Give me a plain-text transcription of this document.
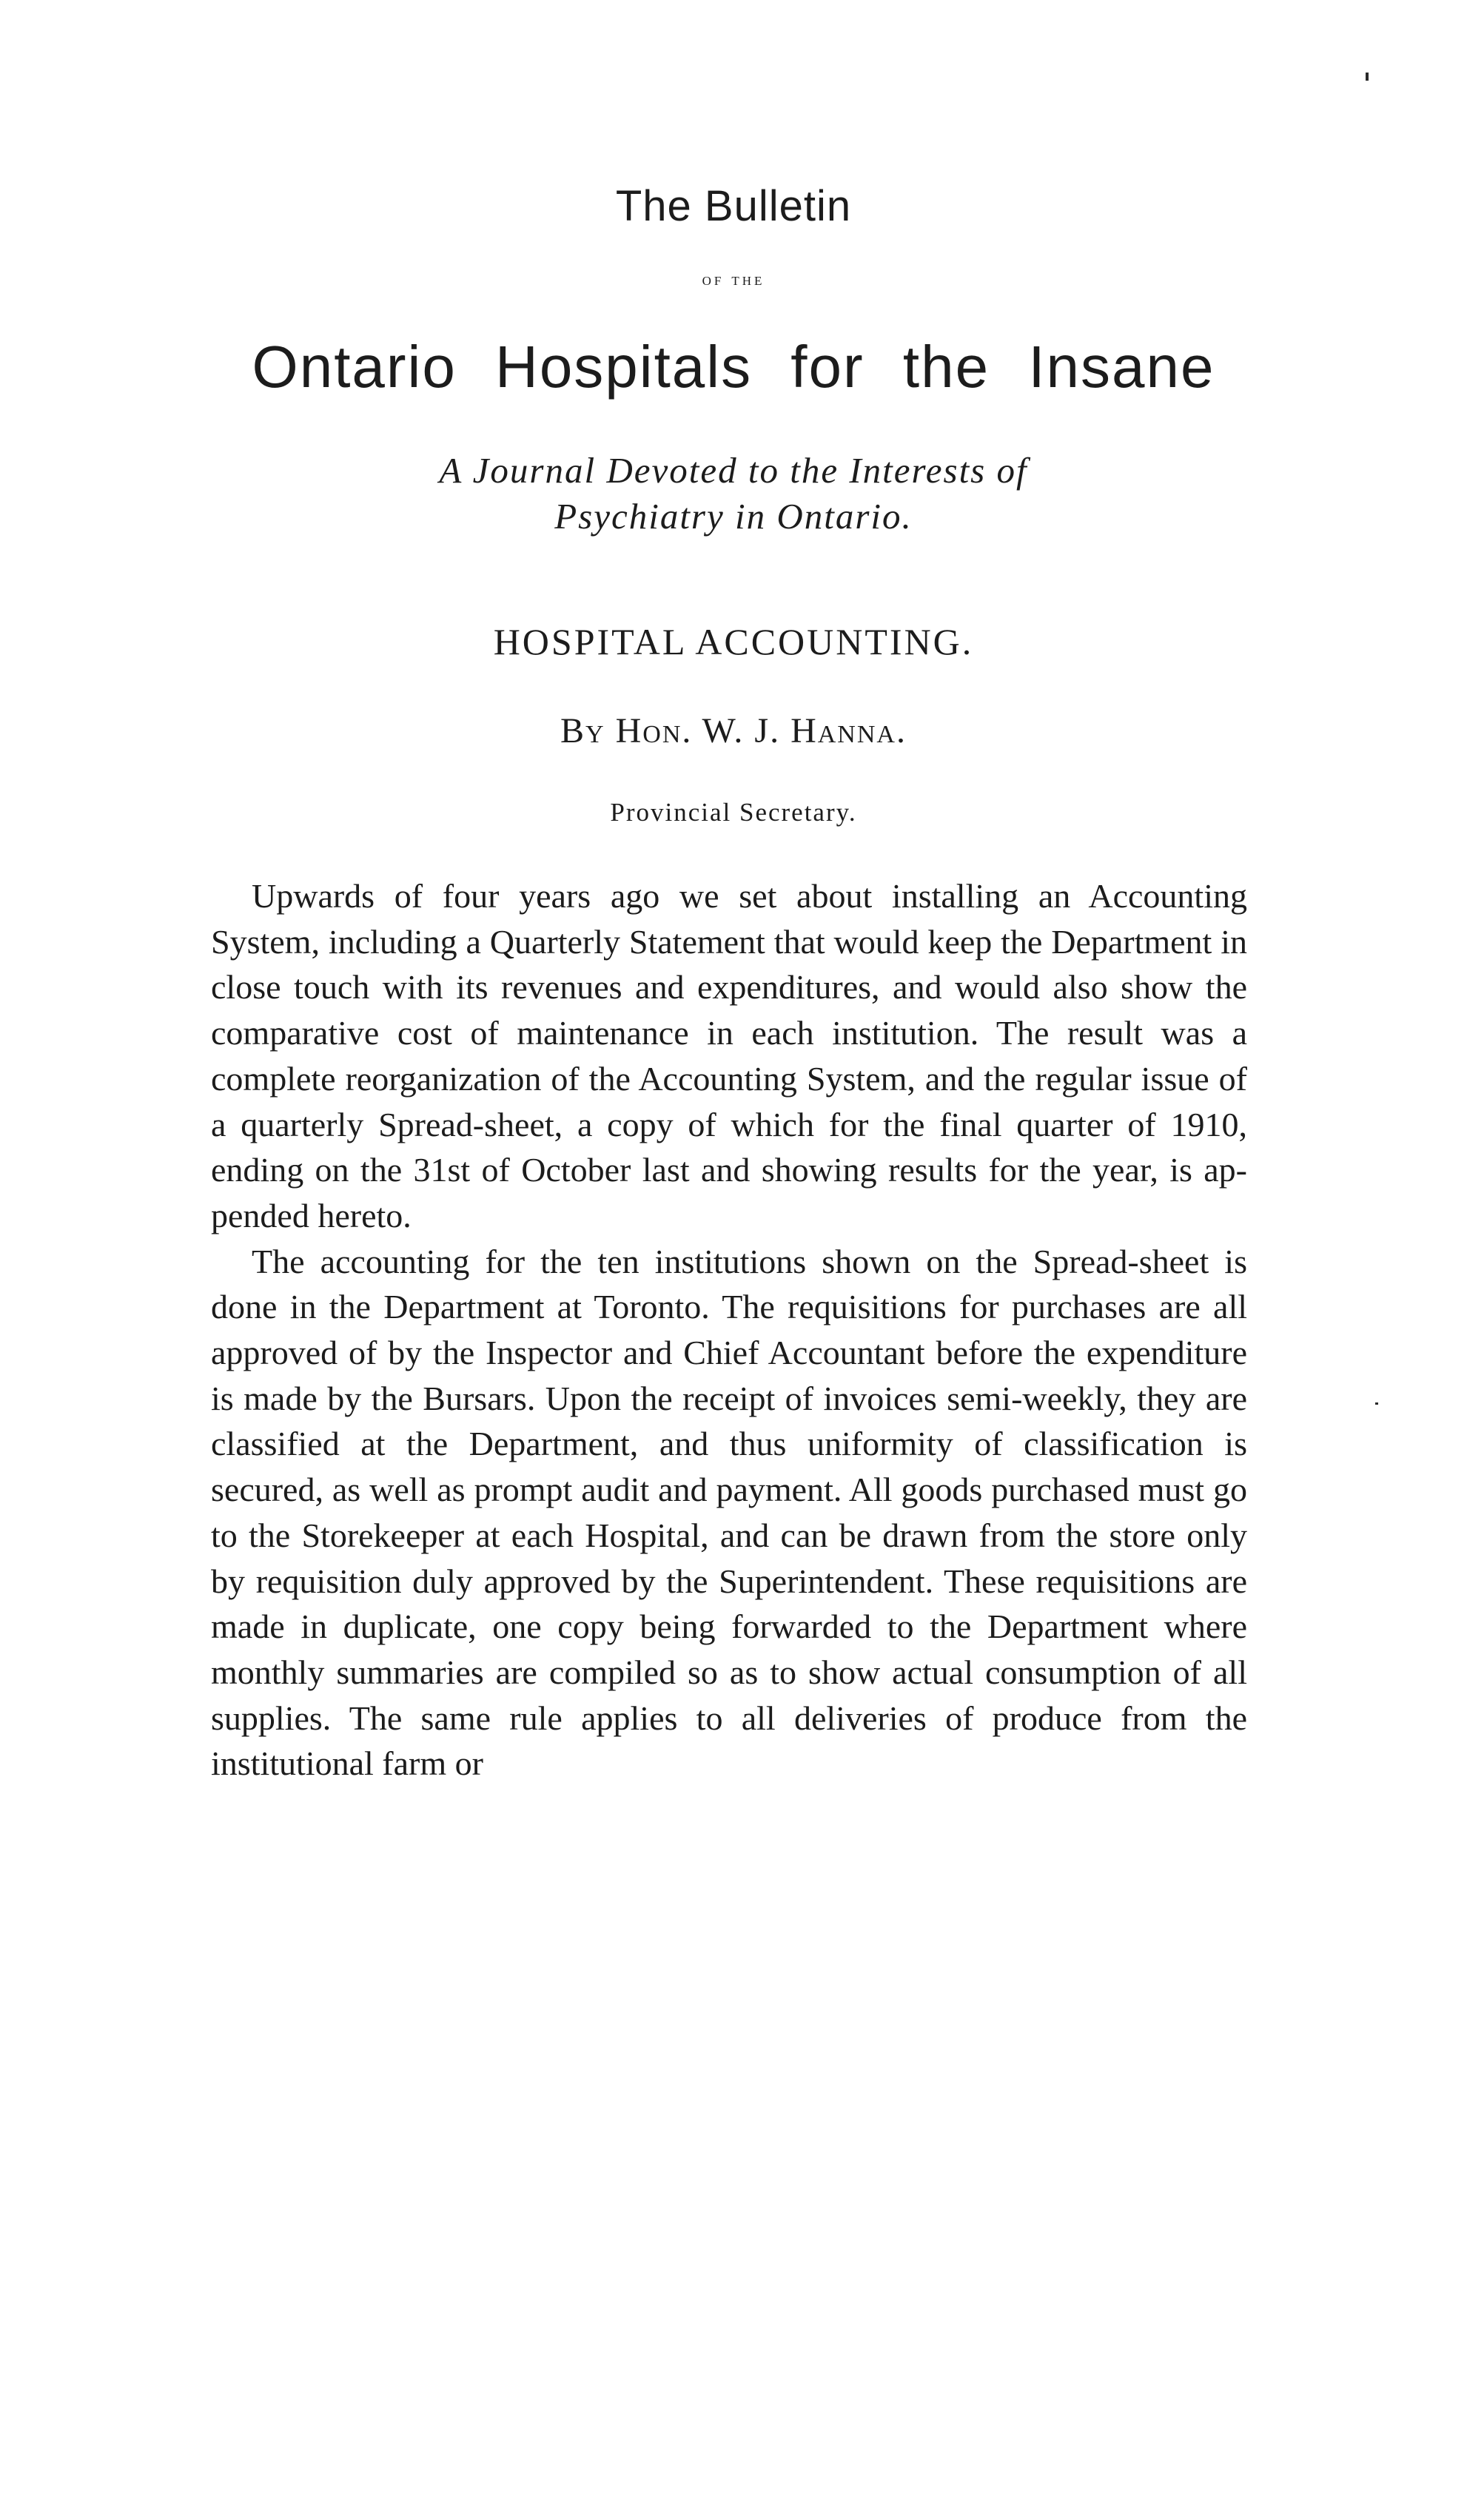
The Bulletin
of the
Ontario Hospitals for the Insane
A Journal Devoted to the Interests of
Psychiatry in Ontario.
HOSPITAL ACCOUNTING.
By Hon. W. J. Hanna.
Provincial Secretary.

Upwards of four years ago we set about installing an Accounting System, including a Quarterly Statement that would keep the Department in close touch with its revenues and expenditures, and would also show the comparative cost of maintenance in each institution. The result was a complete reorganization of the Accounting System, and the regular issue of a quarterly Spread-sheet, a copy of which for the final quarter of 1910, ending on the 31st of October last and showing results for the year, is appended hereto.

The accounting for the ten institutions shown on the Spread-sheet is done in the Department at Toronto. The requisitions for purchases are all approved of by the Inspector and Chief Accountant before the expenditure is made by the Bursars. Upon the receipt of invoices semi-weekly, they are classified at the Department, and thus uniformity of classification is secured, as well as prompt audit and payment. All goods purchased must go to the Storekeeper at each Hospital, and can be drawn from the store only by requisition duly approved by the Superintendent. These requisitions are made in duplicate, one copy being forwarded to the Department where monthly summaries are compiled so as to show actual consumption of all supplies. The same rule applies to all deliveries of produce from the institutional farm or
